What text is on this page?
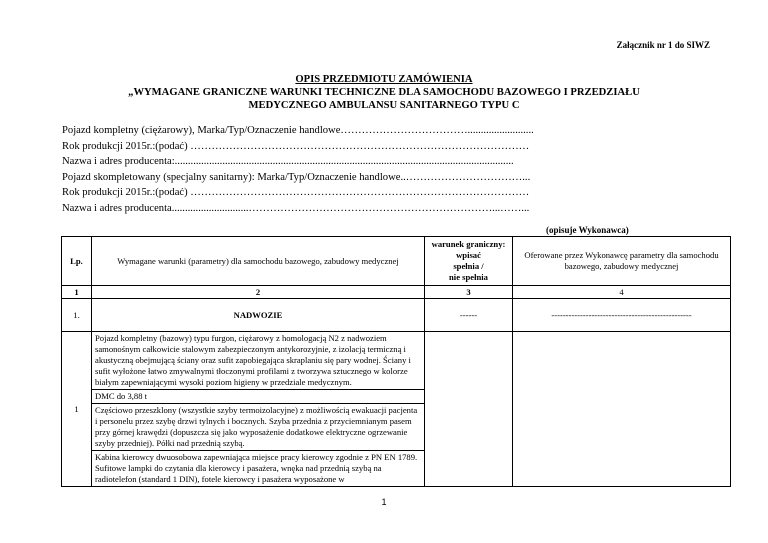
Załącznik nr 1 do SIWZ
OPIS PRZEDMIOTU ZAMÓWIENIA
„WYMAGANE GRANICZNE WARUNKI TECHNICZNE DLA SAMOCHODU BAZOWEGO I PRZEDZIAŁU
MEDYCZNEGO AMBULANSU SANITARNEGO TYPU C
Pojazd kompletny (ciężarowy), Marka/Typ/Oznaczenie handlowe……………………………….........................
Rok produkcji 2015r.:(podać) ……………………………………………………………………………………
Nazwa i adres producenta:................................................................................................................................
Pojazd skompletowany (specjalny sanitarny): Marka/Typ/Oznaczenie handlowe..……………………………...
Rok produkcji 2015r.:(podać) ……………………………………………………………………………………
Nazwa i adres producenta.............................……………………………………………………………...……...
(opisuje Wykonawca)
Lp.	Wymagane warunki (parametry) dla samochodu bazowego, zabudowy medycznej	warunek graniczny:
wpisać
spełnia /
nie spełnia	Oferowane przez Wykonawcę parametry dla samochodu bazowego, zabudowy medycznej
1	2	3	4
1.	NADWOZIE	------	-------------------------------------------------
1	Pojazd kompletny (bazowy) typu furgon, ciężarowy z homologacją N2 z nadwoziem samonośnym całkowicie stalowym zabezpieczonym antykorozyjnie, z izolacją termiczną i akustyczną obejmującą ściany oraz sufit zapobiegająca skraplaniu się pary wodnej. Ściany i sufit wyłożone łatwo zmywalnymi tłoczonymi profilami z tworzywa sztucznego w kolorze białym zapewniającymi wysoki poziom higieny w przedziale medycznym.
DMC do 3,88 t
Częściowo przeszklony (wszystkie szyby termoizolacyjne) z możliwością ewakuacji pacjenta i personelu przez szybę drzwi tylnych i bocznych. Szyba przednia z przyciemnianym pasem przy górnej krawędzi (dopuszcza się jako wyposażenie dodatkowe elektryczne ogrzewanie szyby przedniej). Półki nad przednią szybą.
Kabina kierowcy dwuosobowa zapewniająca miejsce pracy kierowcy zgodnie z PN EN 1789. Sufitowe lampki do czytania dla kierowcy i pasażera, wnęka nad przednią szybą na radiotelefon (standard 1 DIN), fotele kierowcy i pasażera wyposażone w		

1
